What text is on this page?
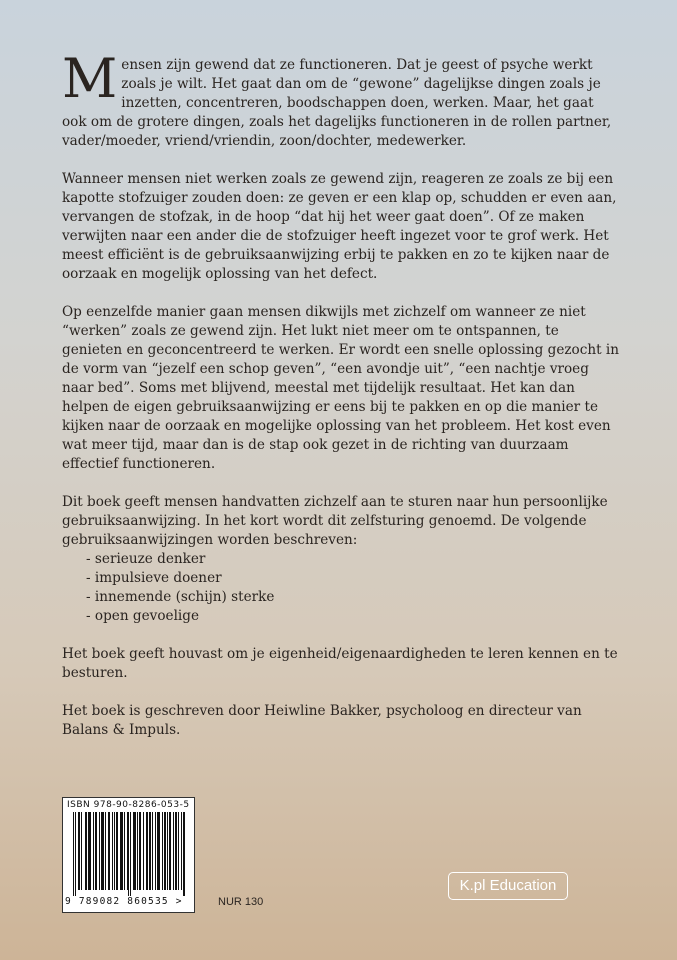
Mensen zijn gewend dat ze functioneren. Dat je geest of psyche werkt zoals je wilt. Het gaat dan om de “gewone” dagelijkse dingen zoals je inzetten, concentreren, boodschappen doen, werken. Maar, het gaat ook om de grotere dingen, zoals het dagelijks functioneren in de rollen partner, vader/moeder, vriend/vriendin, zoon/dochter, medewerker.

Wanneer mensen niet werken zoals ze gewend zijn, reageren ze zoals ze bij een kapotte stofzuiger zouden doen: ze geven er een klap op, schudden er even aan, vervangen de stofzak, in de hoop “dat hij het weer gaat doen”. Of ze maken verwijten naar een ander die de stofzuiger heeft ingezet voor te grof werk. Het meest efficiënt is de gebruiksaanwijzing erbij te pakken en zo te kijken naar de oorzaak en mogelijk oplossing van het defect.

Op eenzelfde manier gaan mensen dikwijls met zichzelf om wanneer ze niet “werken” zoals ze gewend zijn. Het lukt niet meer om te ontspannen, te genieten en geconcentreerd te werken. Er wordt een snelle oplossing gezocht in de vorm van “jezelf een schop geven”, “een avondje uit”, “een nachtje vroeg naar bed”. Soms met blijvend, meestal met tijdelijk resultaat. Het kan dan helpen de eigen gebruiksaanwijzing er eens bij te pakken en op die manier te kijken naar de oorzaak en mogelijke oplossing van het probleem. Het kost even wat meer tijd, maar dan is de stap ook gezet in de richting van duurzaam effectief functioneren.

Dit boek geeft mensen handvatten zichzelf aan te sturen naar hun persoonlijke gebruiksaanwijzing. In het kort wordt dit zelfsturing genoemd. De volgende gebruiksaanwijzingen worden beschreven:

- serieuze denker
- impulsieve doener
- innemende (schijn) sterke
- open gevoelige

Het boek geeft houvast om je eigenheid/eigenaardigheden te leren kennen en te besturen.

Het boek is geschreven door Heiwline Bakker, psycholoog en directeur van Balans & Impuls.

ISBN 978-90-8286-053-5
9 789082 860535 >	NUR 130
K.pl Education
